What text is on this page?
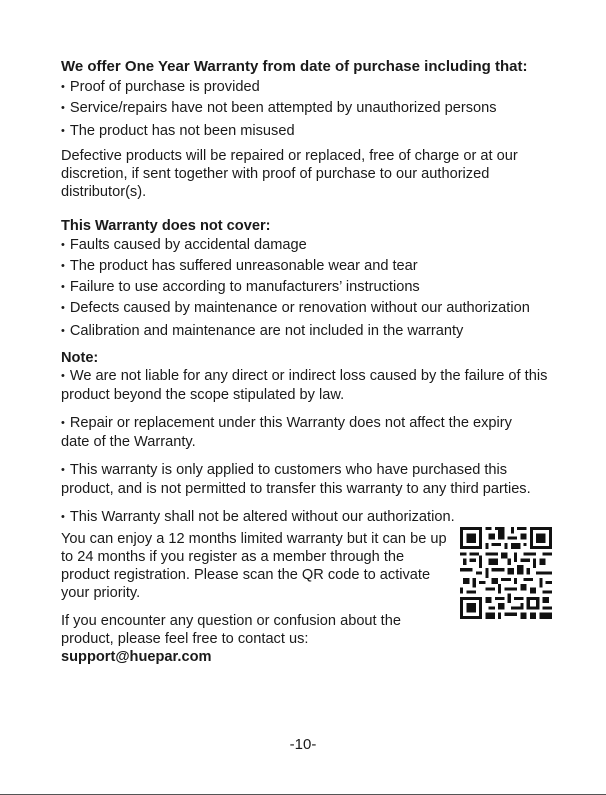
We offer One Year Warranty from date of purchase including that:

• Proof of purchase is provided
• Service/repairs have not been attempted by unauthorized persons
• The product has not been misused

Defective products will be repaired or replaced, free of charge or at our discretion, if sent together with proof of purchase to our authorized distributor(s).

This Warranty does not cover:

• Faults caused by accidental damage
• The product has suffered unreasonable wear and tear
• Failure to use according to manufacturers’ instructions
• Defects caused by maintenance or renovation without our authorization
• Calibration and maintenance are not included in the warranty

Note:

• We are not liable for any direct or indirect loss caused by the failure of this product beyond the scope stipulated by law.
• Repair or replacement under this Warranty does not affect the expiry date of the Warranty.
• This warranty is only applied to customers who have purchased this product, and is not permitted to transfer this warranty to any third parties.
• This Warranty shall not be altered without our authorization.

You can enjoy a 12 months limited warranty but it can be up to 24 months if you register as a member through the product registration. Please scan the QR code to activate your priority.

If you encounter any question or confusion about the product, please feel free to contact us:

support@huepar.com

-10-
